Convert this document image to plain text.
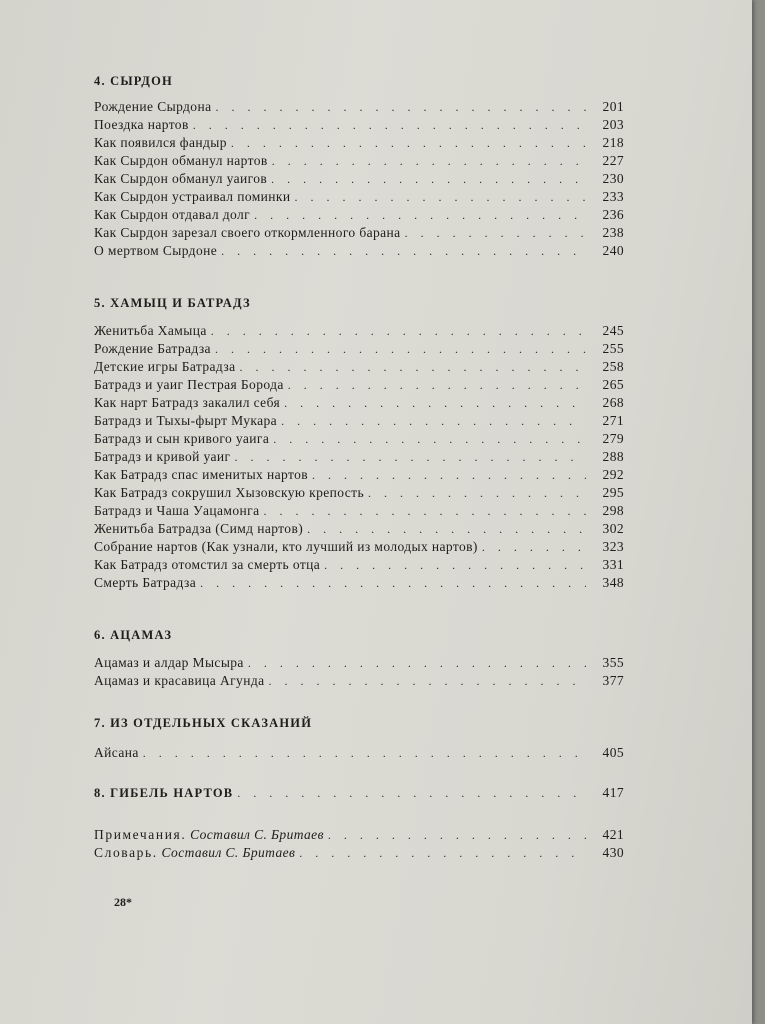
4. СЫРДОН
Рождение Сырдона . . .	201
Поездка нартов . . .	203
Как появился фандыр . . .	218
Как Сырдон обманул нартов . . .	227
Как Сырдон обманул уаигов . . .	230
Как Сырдон устраивал поминки . . .	233
Как Сырдон отдавал долг . . .	236
Как Сырдон зарезал своего откормленного барана . . .	238
О мертвом Сырдоне . . .	240
5. ХАМЫЦ И БАТРАДЗ
Женитьба Хамыца . . .	245
Рождение Батрадза . . .	255
Детские игры Батрадза . . .	258
Батрадз и уаиг Пестрая Борода . . .	265
Как нарт Батрадз закалил себя . . .	268
Батрадз и Тыхы-фырт Мукара . . .	271
Батрадз и сын кривого уаига . . .	279
Батрадз и кривой уаиг . . .	288
Как Батрадз спас именитых нартов . . .	292
Как Батрадз сокрушил Хызовскую крепость . . .	295
Батрадз и Чаша Уацамонга . . .	298
Женитьба Батрадза (Симд нартов) . . .	302
Собрание нартов (Как узнали, кто лучший из молодых нартов) . . .	323
Как Батрадз отомстил за смерть отца . . .	331
Смерть Батрадза . . .	348
6. АЦАМАЗ
Ацамаз и алдар Мысыра . . .	355
Ацамаз и красавица Агунда . . .	377
7. ИЗ ОТДЕЛЬНЫХ СКАЗАНИЙ
Айсана . . .	405
8. ГИБЕЛЬ НАРТОВ . . .	417
Примечания. Составил С. Бритаев . . .	421
Словарь. Составил С. Бритаев . . .	430
28*
